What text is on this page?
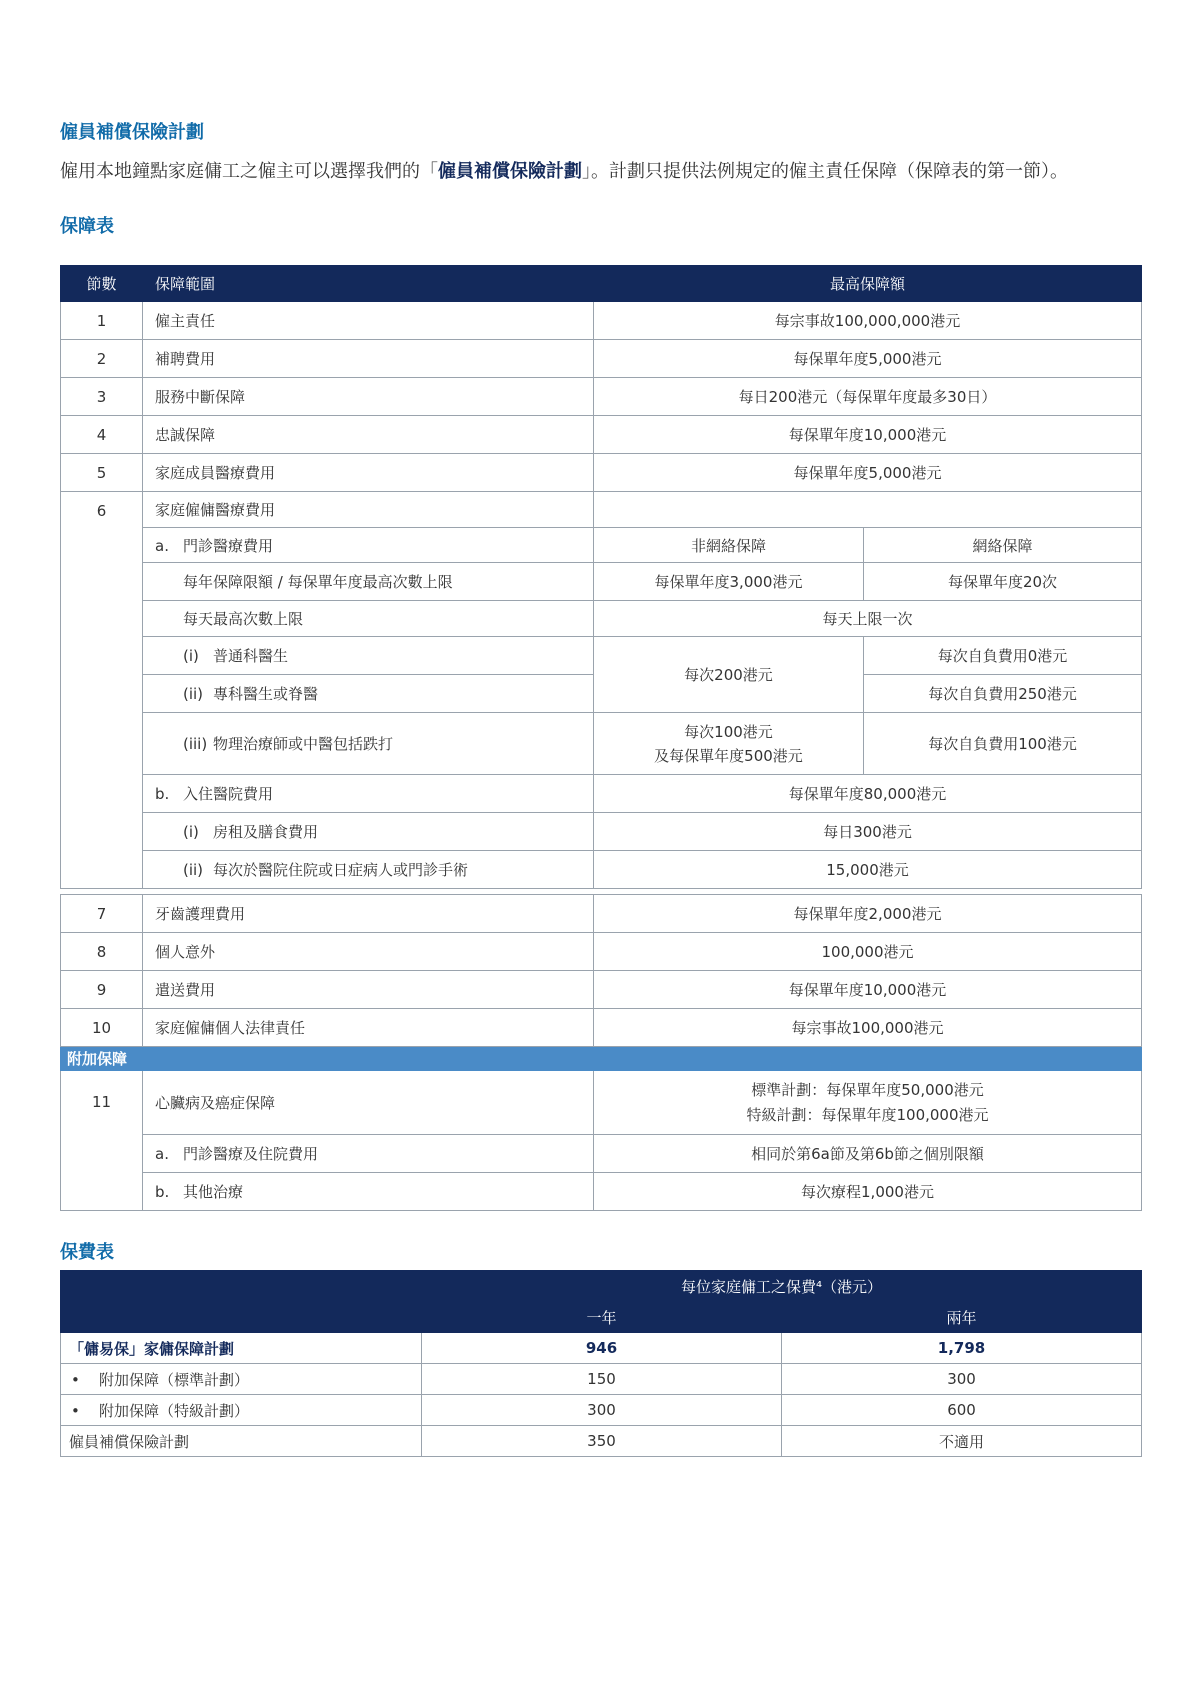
僱員補償保險計劃

僱用本地鐘點家庭傭工之僱主可以選擇我們的「僱員補償保險計劃」。計劃只提供法例規定的僱主責任保障（保障表的第一節）。

保障表
節數	保障範圍	最高保障額	
1	僱主責任	每宗事故100,000,000港元	
2	補聘費用	每保單年度5,000港元	
3	服務中斷保障	每日200港元（每保單年度最多30日）	
4	忠誠保障	每保單年度10,000港元	
5	家庭成員醫療費用	每保單年度5,000港元	
6	家庭僱傭醫療費用		
	a. 門診醫療費用	非網絡保障	網絡保障
	每年保障限額 / 每保單年度最高次數上限	每保單年度3,000港元	每保單年度20次
	每天最高次數上限	每天上限一次	
	(i) 普通科醫生	每次200港元	每次自負費用0港元
	(ii) 專科醫生或脊醫		每次自負費用250港元
	(iii) 物理治療師或中醫包括跌打	每次100港元
及每保單年度500港元	每次自負費用100港元
	b. 入住醫院費用	每保單年度80,000港元	
	(i) 房租及膳食費用	每日300港元	
	(ii) 每次於醫院住院或日症病人或門診手術	15,000港元	
7	牙齒護理費用	每保單年度2,000港元
8	個人意外	100,000港元
9	遣送費用	每保單年度10,000港元
10	家庭僱傭個人法律責任	每宗事故100,000港元
附加保障		
11	心臟病及癌症保障	標準計劃：每保單年度50,000港元
特級計劃：每保單年度100,000港元

	a. 門診醫療及住院費用	相同於第6a節及第6b節之個別限額
	b. 其他治療	每次療程1,000港元
保費表
	每位家庭傭工之保費⁴（港元）	
	一年	兩年
「傭易保」家傭保障計劃	946	1,798
• 附加保障（標準計劃）	150	300
• 附加保障（特級計劃）	300	600
僱員補償保險計劃	350	不適用
